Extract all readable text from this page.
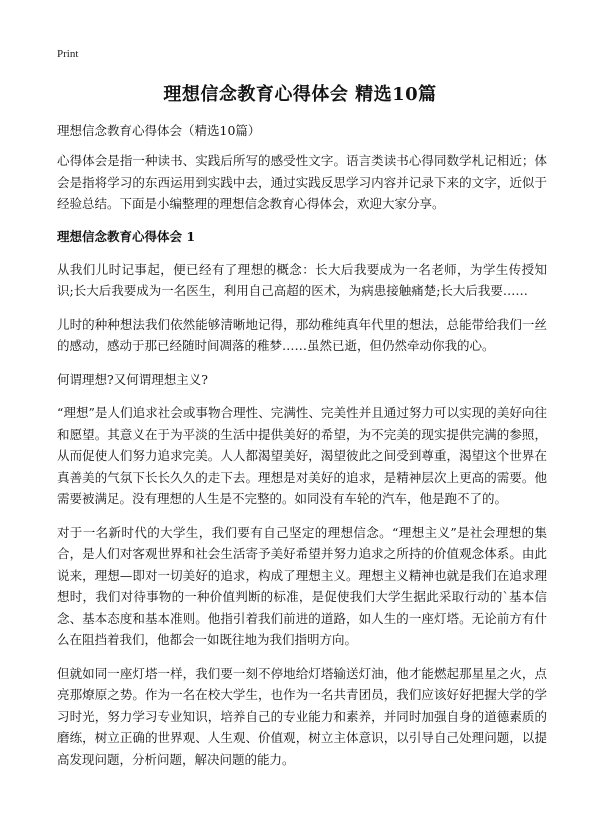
Print
理想信念教育心得体会 精选10篇
理想信念教育心得体会（精选10篇）

心得体会是指一种读书、实践后所写的感受性文字。语言类读书心得同数学札记相近；体会是指将学习的东西运用到实践中去，通过实践反思学习内容并记录下来的文字，近似于经验总结。下面是小编整理的理想信念教育心得体会，欢迎大家分享。

理想信念教育心得体会 1

从我们儿时记事起，便已经有了理想的概念：长大后我要成为一名老师，为学生传授知识;长大后我要成为一名医生，利用自己高超的医术，为病患接触痛楚;长大后我要……

儿时的种种想法我们依然能够清晰地记得，那幼稚纯真年代里的想法，总能带给我们一丝的感动，感动于那已经随时间凋落的稚梦……虽然已逝，但仍然牵动你我的心。

何谓理想?又何谓理想主义?

“理想”是人们追求社会或事物合理性、完满性、完美性并且通过努力可以实现的美好向往和愿望。其意义在于为平淡的生活中提供美好的希望，为不完美的现实提供完满的参照，从而促使人们努力追求完美。人人都渴望美好，渴望彼此之间受到尊重，渴望这个世界在真善美的气氛下长长久久的走下去。理想是对美好的追求，是精神层次上更高的需要。他需要被满足。没有理想的人生是不完整的。如同没有车轮的汽车，他是跑不了的。

对于一名新时代的大学生，我们要有自己坚定的理想信念。“理想主义”是社会理想的集合，是人们对客观世界和社会生活寄予美好希望并努力追求之所持的价值观念体系。由此说来，理想—即对一切美好的追求，构成了理想主义。理想主义精神也就是我们在追求理想时，我们对待事物的一种价值判断的标准，是促使我们大学生据此采取行动的`基本信念、基本态度和基本准则。他指引着我们前进的道路，如人生的一座灯塔。无论前方有什么在阻挡着我们，他都会一如既往地为我们指明方向。

但就如同一座灯塔一样，我们要一刻不停地给灯塔输送灯油，他才能燃起那星星之火，点亮那燎原之势。作为一名在校大学生，也作为一名共青团员，我们应该好好把握大学的学习时光，努力学习专业知识，培养自己的专业能力和素养，并同时加强自身的道德素质的磨练，树立正确的世界观、人生观、价值观，树立主体意识，以引导自己处理问题，以提高发现问题，分析问题，解决问题的能力。
